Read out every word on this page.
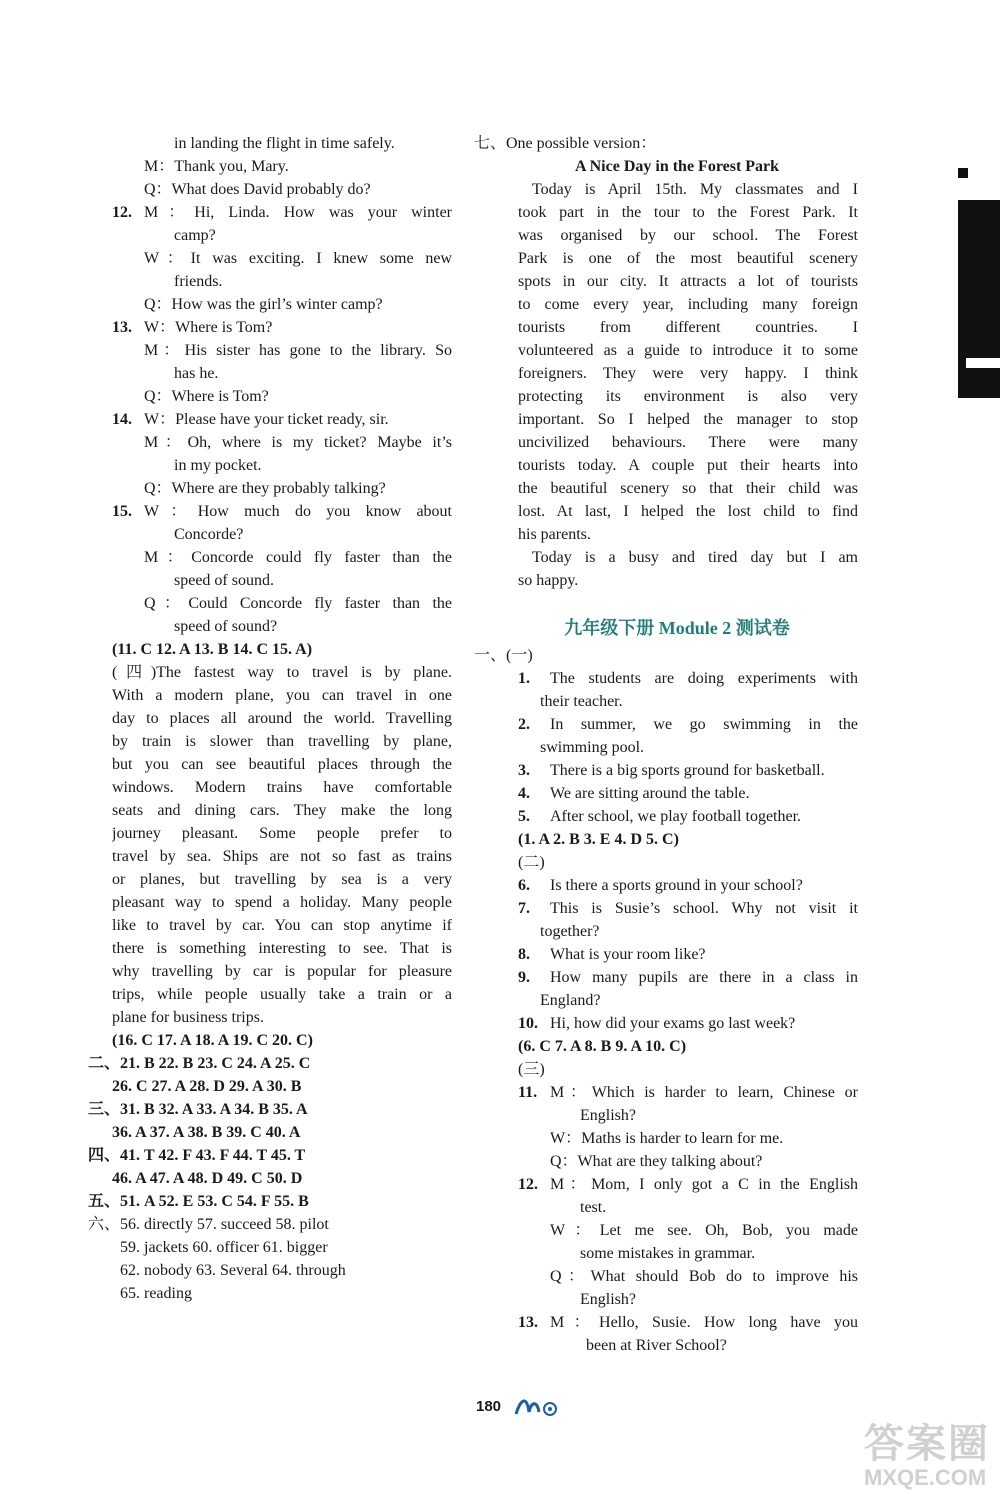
in landing the flight in time safely.
M：Thank you, Mary.
Q：What does David probably do?
12. M：Hi, Linda. How was your winter
camp?
W：It was exciting. I knew some new
friends.
Q：How was the girl’s winter camp?
13. W：Where is Tom?
M：His sister has gone to the library. So
has he.
Q：Where is Tom?
14. W：Please have your ticket ready, sir.
M：Oh, where is my ticket? Maybe it’s
in my pocket.
Q：Where are they probably talking?
15. W：How much do you know about
Concorde?
M：Concorde could fly faster than the
speed of sound.
Q：Could Concorde fly faster than the
speed of sound?
(11. C 12. A 13. B 14. C 15. A)
(四)The fastest way to travel is by plane.
With a modern plane, you can travel in one
day to places all around the world. Travelling
by train is slower than travelling by plane,
but you can see beautiful places through the
windows. Modern trains have comfortable
seats and dining cars. They make the long
journey pleasant. Some people prefer to
travel by sea. Ships are not so fast as trains
or planes, but travelling by sea is a very
pleasant way to spend a holiday. Many people
like to travel by car. You can stop anytime if
there is something interesting to see. That is
why travelling by car is popular for pleasure
trips, while people usually take a train or a
plane for business trips.
(16. C 17. A 18. A 19. C 20. C)
二、21. B 22. B 23. C 24. A 25. C
26. C 27. A 28. D 29. A 30. B
三、31. B 32. A 33. A 34. B 35. A
36. A 37. A 38. B 39. C 40. A
四、41. T 42. F 43. F 44. T 45. T
46. A 47. A 48. D 49. C 50. D
五、51. A 52. E 53. C 54. F 55. B
六、56. directly 57. succeed 58. pilot
59. jackets 60. officer 61. bigger
62. nobody 63. Several 64. through
65. reading
七、One possible version：
A Nice Day in the Forest Park
Today is April 15th. My classmates and I
took part in the tour to the Forest Park. It
was organised by our school. The Forest
Park is one of the most beautiful scenery
spots in our city. It attracts a lot of tourists
to come every year, including many foreign
tourists from different countries. I
volunteered as a guide to introduce it to some
foreigners. They were very happy. I think
protecting its environment is also very
important. So I helped the manager to stop
uncivilized behaviours. There were many
tourists today. A couple put their hearts into
the beautiful scenery so that their child was
lost. At last, I helped the lost child to find
his parents.
Today is a busy and tired day but I am
so happy.
九年级下册 Module 2 测试卷
一、(一)
1. The students are doing experiments with
their teacher.
2. In summer, we go swimming in the
swimming pool.
3. There is a big sports ground for basketball.
4. We are sitting around the table.
5. After school, we play football together.
(1. A 2. B 3. E 4. D 5. C)
(二)
6. Is there a sports ground in your school?
7. This is Susie’s school. Why not visit it
together?
8. What is your room like?
9. How many pupils are there in a class in
England?
10. Hi, how did your exams go last week?
(6. C 7. A 8. B 9. A 10. C)
(三)
11. M：Which is harder to learn, Chinese or
English?
W：Maths is harder to learn for me.
Q：What are they talking about?
12. M：Mom, I only got a C in the English
test.
W：Let me see. Oh, Bob, you made
some mistakes in grammar.
Q：What should Bob do to improve his
English?
13. M：Hello, Susie. How long have you
been at River School?
180
答案圈
MXQE.COM
